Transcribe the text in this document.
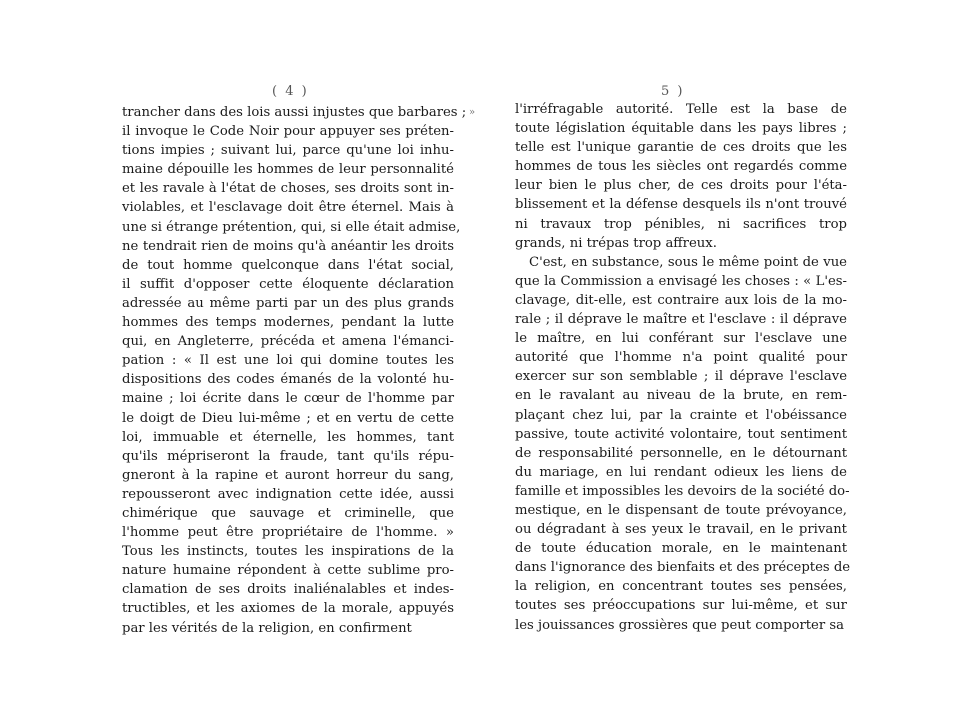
( 4 )
»
trancher dans des lois aussi injustes que barbares ;
il invoque le Code Noir pour appuyer ses préten-
tions impies ; suivant lui, parce qu'une loi inhu-
maine dépouille les hommes de leur personnalité
et les ravale à l'état de choses, ses droits sont in-
violables, et l'esclavage doit être éternel. Mais à
une si étrange prétention, qui, si elle était admise,
ne tendrait rien de moins qu'à anéantir les droits
de tout homme quelconque dans l'état social,
il suffit d'opposer cette éloquente déclaration
adressée au même parti par un des plus grands
hommes des temps modernes, pendant la lutte
qui, en Angleterre, précéda et amena l'émanci-
pation : « Il est une loi qui domine toutes les
dispositions des codes émanés de la volonté hu-
maine ; loi écrite dans le cœur de l'homme par
le doigt de Dieu lui-même ; et en vertu de cette
loi, immuable et éternelle, les hommes, tant
qu'ils mépriseront la fraude, tant qu'ils répu-
gneront à la rapine et auront horreur du sang,
repousseront avec indignation cette idée, aussi
chimérique que sauvage et criminelle, que
l'homme peut être propriétaire de l'homme. »
Tous les instincts, toutes les inspirations de la
nature humaine répondent à cette sublime pro-
clamation de ses droits inaliénalables et indes-
tructibles, et les axiomes de la morale, appuyés
par les vérités de la religion, en confirment
5 )
l'irréfragable autorité. Telle est la base de
toute législation équitable dans les pays libres ;
telle est l'unique garantie de ces droits que les
hommes de tous les siècles ont regardés comme
leur bien le plus cher, de ces droits pour l'éta-
blissement et la défense desquels ils n'ont trouvé
ni travaux trop pénibles, ni sacrifices trop
grands, ni trépas trop affreux.
C'est, en substance, sous le même point de vue
que la Commission a envisagé les choses : « L'es-
clavage, dit-elle, est contraire aux lois de la mo-
rale ; il déprave le maître et l'esclave : il déprave
le maître, en lui conférant sur l'esclave une
autorité que l'homme n'a point qualité pour
exercer sur son semblable ; il déprave l'esclave
en le ravalant au niveau de la brute, en rem-
plaçant chez lui, par la crainte et l'obéissance
passive, toute activité volontaire, tout sentiment
de responsabilité personnelle, en le détournant
du mariage, en lui rendant odieux les liens de
famille et impossibles les devoirs de la société do-
mestique, en le dispensant de toute prévoyance,
ou dégradant à ses yeux le travail, en le privant
de toute éducation morale, en le maintenant
dans l'ignorance des bienfaits et des préceptes de
la religion, en concentrant toutes ses pensées,
toutes ses préoccupations sur lui-même, et sur
les jouissances grossières que peut comporter sa
